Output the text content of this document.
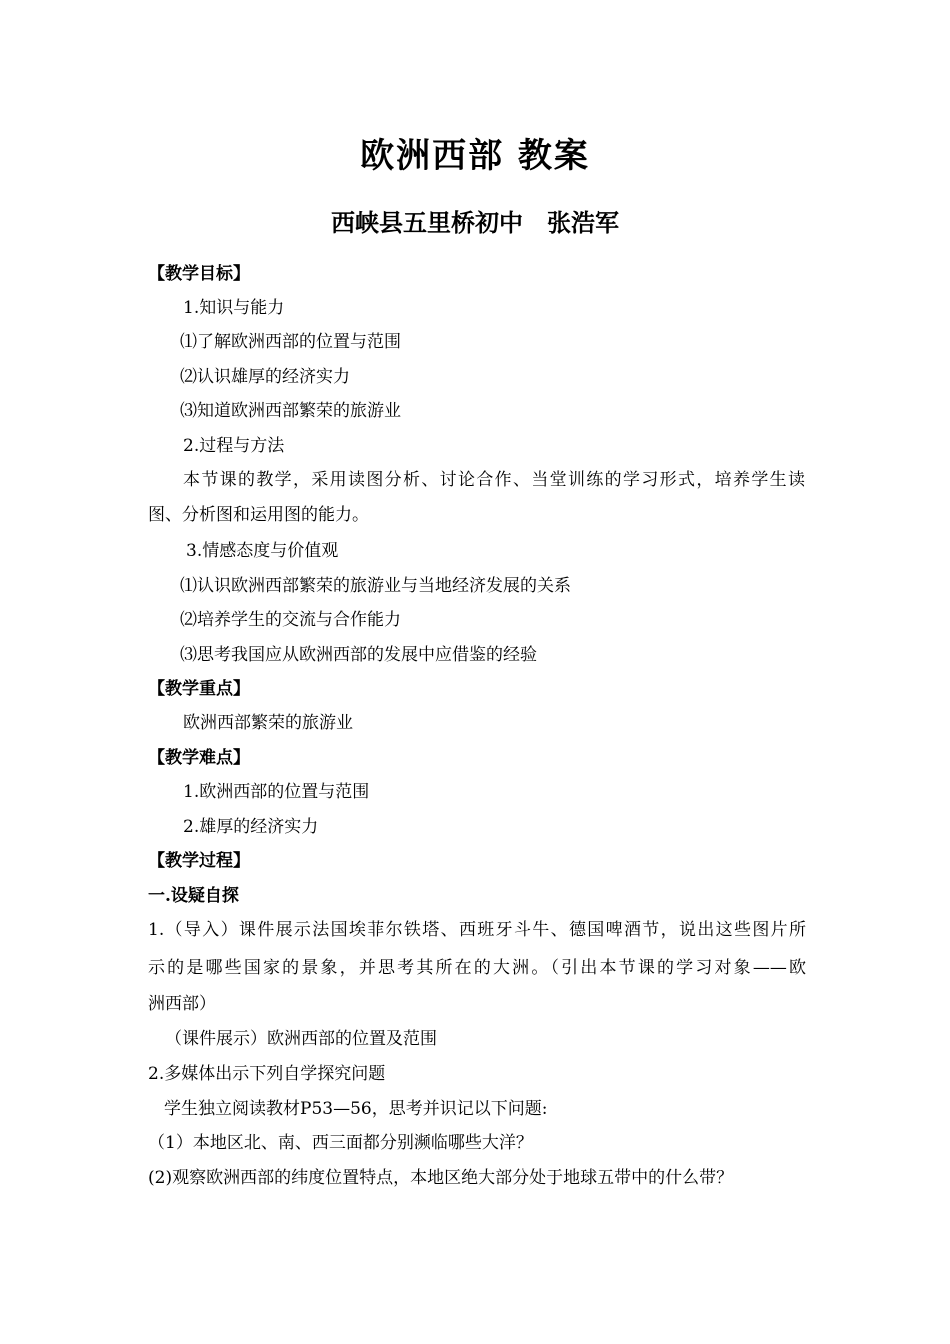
欧洲西部 教案
西峡县五里桥初中　张浩军
【教学目标】
1.知识与能力
⑴了解欧洲西部的位置与范围
⑵认识雄厚的经济实力
⑶知道欧洲西部繁荣的旅游业
2.过程与方法
本节课的教学，采用读图分析、讨论合作、当堂训练的学习形式，培养学生读
图、分析图和运用图的能力。
3.情感态度与价值观
⑴认识欧洲西部繁荣的旅游业与当地经济发展的关系
⑵培养学生的交流与合作能力
⑶思考我国应从欧洲西部的发展中应借鉴的经验
【教学重点】
欧洲西部繁荣的旅游业
【教学难点】
1.欧洲西部的位置与范围
2.雄厚的经济实力
【教学过程】
一.设疑自探
1.（导入）课件展示法国埃菲尔铁塔、西班牙斗牛、德国啤酒节，说出这些图片所
示的是哪些国家的景象，并思考其所在的大洲。（引出本节课的学习对象——欧
洲西部）
（课件展示）欧洲西部的位置及范围
2.多媒体出示下列自学探究问题
学生独立阅读教材P53—56，思考并识记以下问题:
（1）本地区北、南、西三面都分别濒临哪些大洋？
(2)观察欧洲西部的纬度位置特点，本地区绝大部分处于地球五带中的什么带？
